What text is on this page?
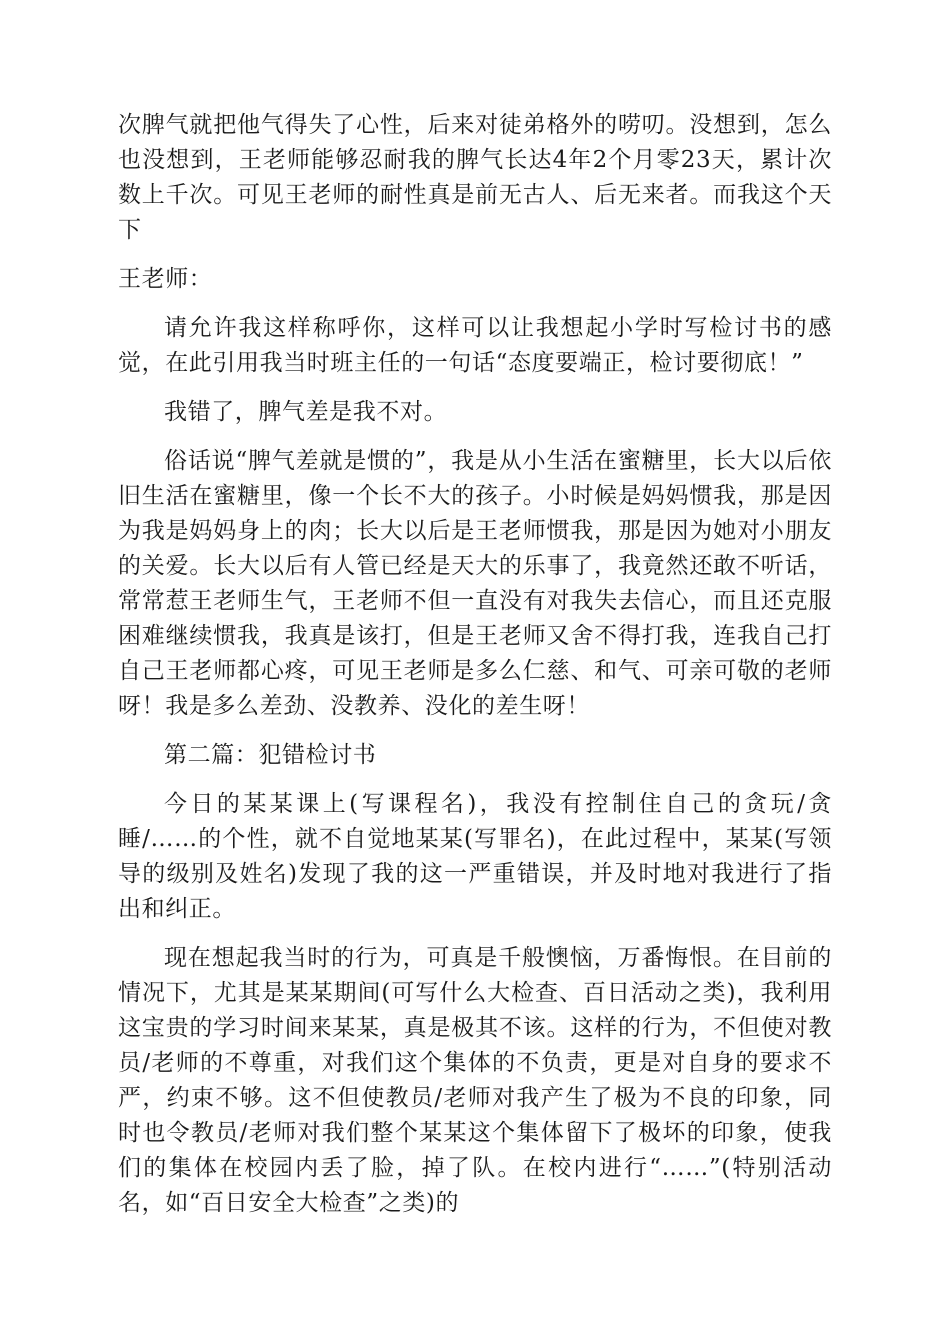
次脾气就把他气得失了心性，后来对徒弟格外的唠叨。没想到，怎么也没想到，王老师能够忍耐我的脾气长达4年2个月零23天，累计次数上千次。可见王老师的耐性真是前无古人、后无来者。而我这个天下

王老师：

请允许我这样称呼你，这样可以让我想起小学时写检讨书的感觉，在此引用我当时班主任的一句话“态度要端正，检讨要彻底！”

我错了，脾气差是我不对。

俗话说“脾气差就是惯的”，我是从小生活在蜜糖里，长大以后依旧生活在蜜糖里，像一个长不大的孩子。小时候是妈妈惯我，那是因为我是妈妈身上的肉；长大以后是王老师惯我，那是因为她对小朋友的关爱。长大以后有人管已经是天大的乐事了，我竟然还敢不听话，常常惹王老师生气，王老师不但一直没有对我失去信心，而且还克服困难继续惯我，我真是该打，但是王老师又舍不得打我，连我自己打自己王老师都心疼，可见王老师是多么仁慈、和气、可亲可敬的老师呀！我是多么差劲、没教养、没化的差生呀！

第二篇：犯错检讨书

今日的某某课上(写课程名)，我没有控制住自己的贪玩/贪睡/……的个性，就不自觉地某某(写罪名)，在此过程中，某某(写领导的级别及姓名)发现了我的这一严重错误，并及时地对我进行了指出和纠正。

现在想起我当时的行为，可真是千般懊恼，万番悔恨。在目前的情况下，尤其是某某期间(可写什么大检查、百日活动之类)，我利用这宝贵的学习时间来某某，真是极其不该。这样的行为，不但使对教员/老师的不尊重，对我们这个集体的不负责，更是对自身的要求不严，约束不够。这不但使教员/老师对我产生了极为不良的印象，同时也令教员/老师对我们整个某某这个集体留下了极坏的印象，使我们的集体在校园内丢了脸，掉了队。在校内进行“……”(特别活动名，如“百日安全大检查”之类)的
